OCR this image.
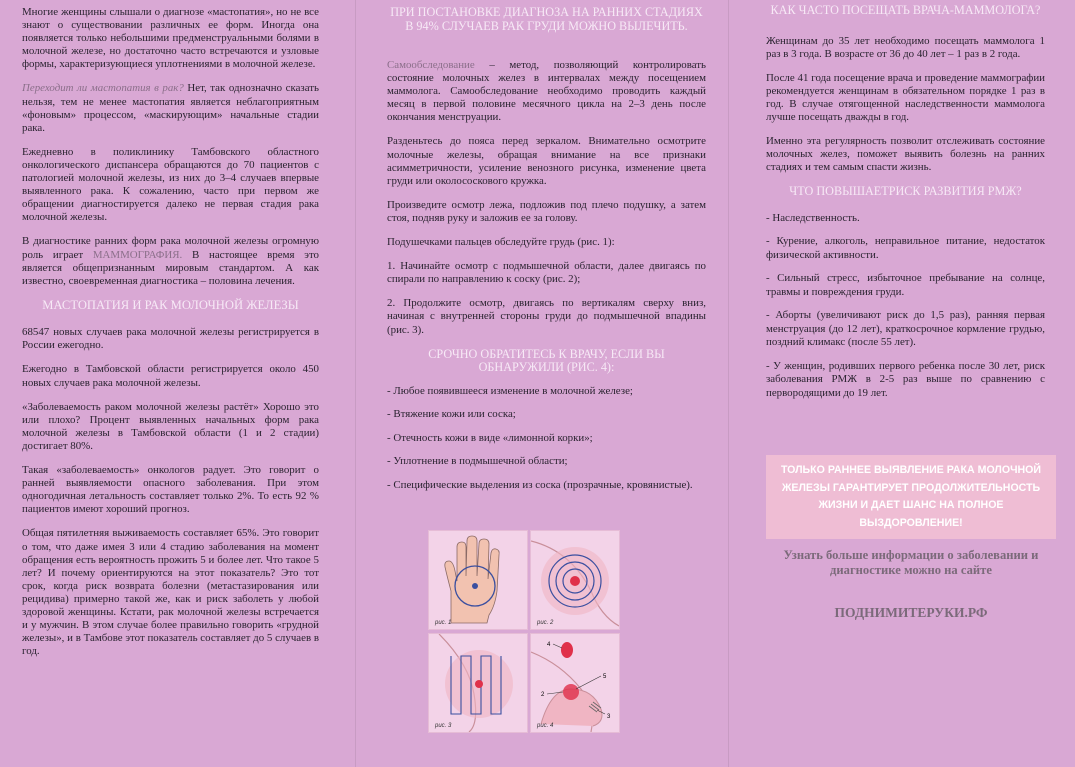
Многие женщины слышали о диагнозе «мастопатия», но не все знают о существовании различных ее форм. Иногда она появляется только небольшими предменструальными болями в молочной железе, но достаточно часто встречаются и узловые формы, характеризующиеся уплотнениями в молочной железе.

Переходит ли мастопатия в рак? Нет, так однозначно сказать нельзя, тем не менее мастопатия является неблагоприятным «фоновым» процессом, «маскирующим» начальные стадии рака.

Ежедневно в поликлинику Тамбовского областного онкологического диспансера обращаются до 70 пациентов с патологией молочной железы, из них до 3–4 случаев впервые выявленного рака. К сожалению, часто при первом же обращении диагностируется далеко не первая стадия рака молочной железы.

В диагностике ранних форм рака молочной железы огромную роль играет МАММОГРАФИЯ. В настоящее время это является общепризнанным мировым стандартом. А как известно, своевременная диагностика – половина лечения.

МАСТОПАТИЯ И РАК МОЛОЧНОЙ ЖЕЛЕЗЫ

68547 новых случаев рака молочной железы регистрируется в России ежегодно.

Ежегодно в Тамбовской области регистрируется около 450 новых случаев рака молочной железы.

«Заболеваемость раком молочной железы растёт» Хорошо это или плохо? Процент выявленных начальных форм рака молочной железы в Тамбовской области (1 и 2 стадии) достигает 80%.

Такая «заболеваемость» онкологов радует. Это говорит о ранней выявляемости опасного заболевания. При этом одногодичная летальность составляет только 2%. То есть 92 % пациентов имеют хороший прогноз.

Общая пятилетняя выживаемость составляет 65%. Это говорит о том, что даже имея 3 или 4 стадию заболевания на момент обращения есть вероятность прожить 5 и более лет. Что такое 5 лет? И почему ориентируются на этот показатель? Это тот срок, когда риск возврата болезни (метастазирования или рецидива) примерно такой же, как и риск заболеть у любой здоровой женщины. Кстати, рак молочной железы встречается и у мужчин. В этом случае более правильно говорить «грудной железы», и в Тамбове этот показатель составляет до 5 случаев в год.

ПРИ ПОСТАНОВКЕ ДИАГНОЗА НА РАННИХ СТАДИЯХ В 94% СЛУЧАЕВ РАК ГРУДИ МОЖНО ВЫЛЕЧИТЬ.

Самообследование – метод, позволяющий контролировать состояние молочных желез в интервалах между посещением маммолога. Самообследование необходимо проводить каждый месяц в первой половине месячного цикла на 2–3 день после окончания менструации.

Разденьтесь до пояса перед зеркалом. Внимательно осмотрите молочные железы, обращая внимание на все признаки асимметричности, усиление венозного рисунка, изменение цвета груди или околососкового кружка.

Произведите осмотр лежа, подложив под плечо подушку, а затем стоя, подняв руку и заложив ее за голову.

Подушечками пальцев обследуйте грудь (рис. 1):

1. Начинайте осмотр с подмышечной области, далее двигаясь по спирали по направлению к соску (рис. 2);

2. Продолжите осмотр, двигаясь по вертикалям сверху вниз, начиная с внутренней стороны груди до подмышечной впадины (рис. 3).

СРОЧНО ОБРАТИТЕСЬ К ВРАЧУ, ЕСЛИ ВЫ ОБНАРУЖИЛИ (РИС. 4):
- Любое появившееся изменение в молочной железе;
- Втяжение кожи или соска;
- Отечность кожи в виде «лимонной корки»;
- Уплотнение в подмышечной области;
- Специфические выделения из соска (прозрачные, кровянистые).
рис. 1	рис. 2
рис. 3
4
5
2
3
рис. 4
КАК ЧАСТО ПОСЕЩАТЬ ВРАЧА-МАММОЛОГА?

Женщинам до 35 лет необходимо посещать маммолога 1 раз в 3 года. В возрасте от 36 до 40 лет – 1 раз в 2 года.

После 41 года посещение врача и проведение маммографии рекомендуется женщинам в обязательном порядке 1 раз в год. В случае отягощенной наследственности маммолога лучше посещать дважды в год.

Именно эта регулярность позволит отслеживать состояние молочных желез, поможет выявить болезнь на ранних стадиях и тем самым спасти жизнь.

ЧТО ПОВЫШАЕТРИСК РАЗВИТИЯ РМЖ?
- Наследственность.
- Курение, алкоголь, неправильное питание, недостаток физической активности.
- Сильный стресс, избыточное пребывание на солнце, травмы и повреждения груди.
- Аборты (увеличивают риск до 1,5 раз), ранняя первая менструация (до 12 лет), краткосрочное кормление грудью, поздний климакс (после 55 лет).
- У женщин, родивших первого ребенка после 30 лет, риск заболевания РМЖ в 2-5 раз выше по сравнению с первородящими до 19 лет.
ТОЛЬКО РАННЕЕ ВЫЯВЛЕНИЕ РАКА МОЛОЧНОЙ ЖЕЛЕЗЫ ГАРАНТИРУЕТ ПРОДОЛЖИТЕЛЬНОСТЬ ЖИЗНИ И ДАЕТ ШАНС НА ПОЛНОЕ ВЫЗДОРОВЛЕНИЕ!
Узнать больше информации о заболевании и диагностике можно на сайте
ПОДНИМИТЕРУКИ.РФ
